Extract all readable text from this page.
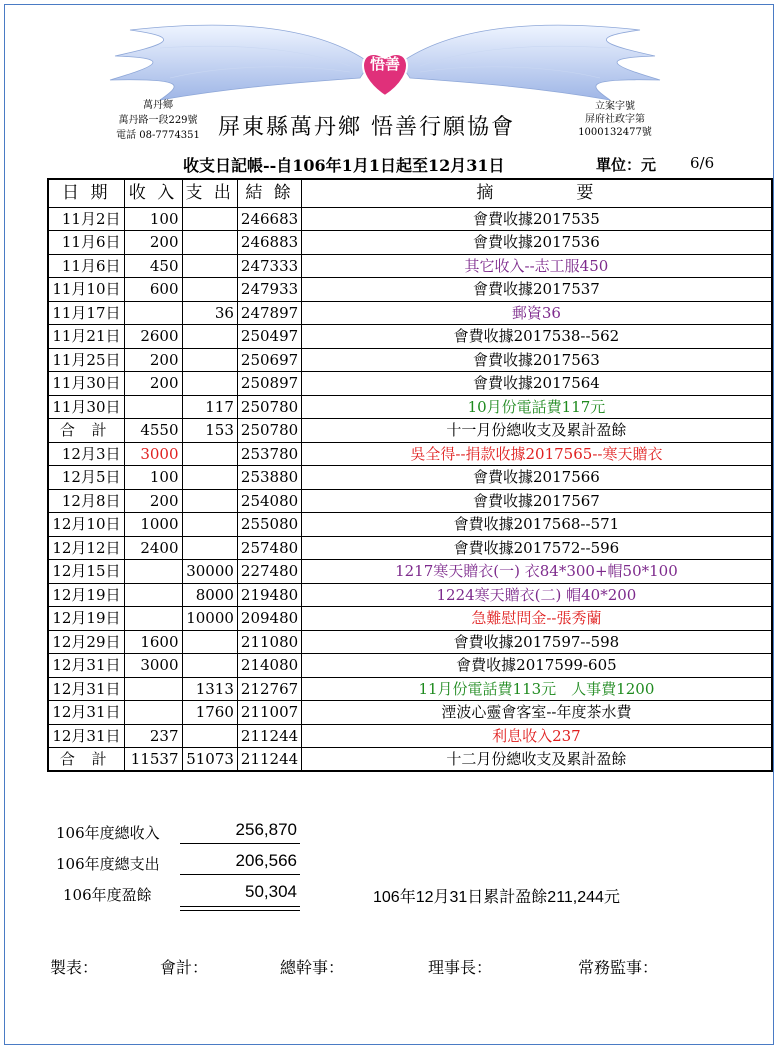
悟善
萬丹鄉
萬丹路一段229號
電話 08-7774351
立案字號
屏府社政字第
1000132477號
屏東縣萬丹鄉 悟善行願協會
收支日記帳--自106年1月1日起至12月31日	單位：元 6/6
日 期	收 入	支 出	結 餘	摘　　　　要
11月2日	100		246683	會費收據2017535
11月6日	200		246883	會費收據2017536
11月6日	450		247333	其它收入--志工服450
11月10日	600		247933	會費收據2017537
11月17日		36	247897	郵資36
11月21日	2600		250497	會費收據2017538--562
11月25日	200		250697	會費收據2017563
11月30日	200		250897	會費收據2017564
11月30日		117	250780	10月份電話費117元
合 計	4550	153	250780	十一月份總收支及累計盈餘
12月3日	3000		253780	吳全得--捐款收據2017565--寒天贈衣
12月5日	100		253880	會費收據2017566
12月8日	200		254080	會費收據2017567
12月10日	1000		255080	會費收據2017568--571
12月12日	2400		257480	會費收據2017572--596
12月15日		30000	227480	1217寒天贈衣(一) 衣84*300+帽50*100
12月19日		8000	219480	1224寒天贈衣(二) 帽40*200
12月19日		10000	209480	急難慰問金--張秀蘭
12月29日	1600		211080	會費收據2017597--598
12月31日	3000		214080	會費收據2017599-605
12月31日		1313	212767	11月份電話費113元　人事費1200
12月31日		1760	211007	湮波心靈會客室--年度茶水費
12月31日	237		211244	利息收入237
合 計	11537	51073	211244	十二月份總收支及累計盈餘
106年度總收入	256,870
106年度總支出	206,566
106年度盈餘	50,304	106年12月31日累計盈餘211,244元
製表：	會計：	總幹事：	理事長：	常務監事：
